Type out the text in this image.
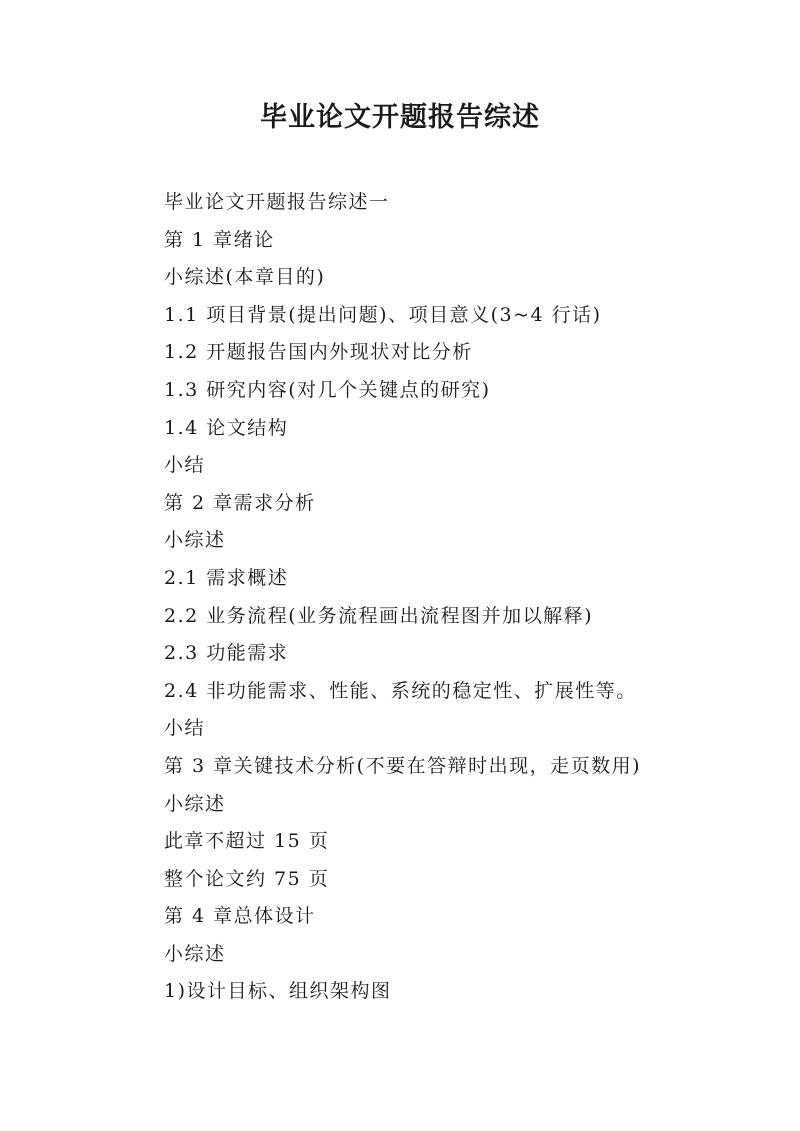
毕业论文开题报告综述
毕业论文开题报告综述一
第 1 章绪论
小综述(本章目的)
1.1 项目背景(提出问题)、项目意义(3~4 行话)
1.2 开题报告国内外现状对比分析
1.3 研究内容(对几个关键点的研究)
1.4 论文结构
小结
第 2 章需求分析
小综述
2.1 需求概述
2.2 业务流程(业务流程画出流程图并加以解释)
2.3 功能需求
2.4 非功能需求、性能、系统的稳定性、扩展性等。
小结
第 3 章关键技术分析(不要在答辩时出现，走页数用)
小综述
此章不超过 15 页
整个论文约 75 页
第 4 章总体设计
小综述
1)设计目标、组织架构图
